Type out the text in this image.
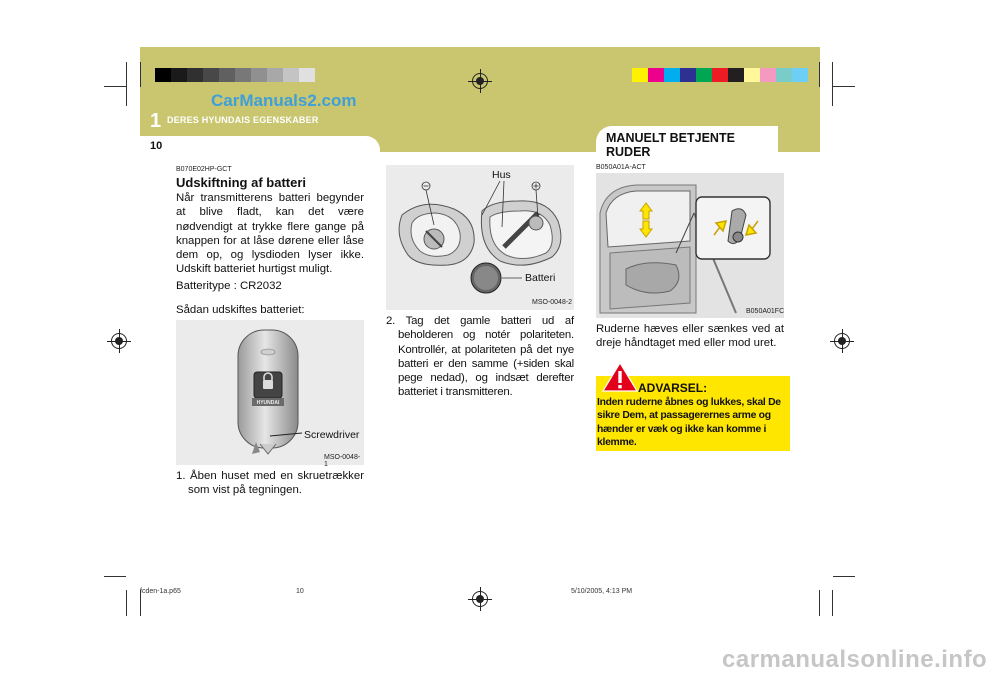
1 DERES HYUNDAIS EGENSKABER
CarManuals2.com
10
MANUELT BETJENTE RUDER
B070E02HP-GCT
Udskiftning af batteri
Når transmitterens batteri begynder at blive fladt, kan det være nødvendigt at trykke flere gange på knappen for at låse dørene eller låse dem op, og lysdioden lyser ikke. Udskift batteriet hurtigst muligt.
Batteritype : CR2032
Sådan udskiftes batteriet:
HYUNDAI
Screwdriver
MSO-0048-1
1. Åben huset med en skruetrækker som vist på tegningen.
Hus
Batteri
MSO-0048-2
2. Tag det gamle batteri ud af beholderen og notér polariteten. Kontrollér, at polariteten på det nye batteri er den samme (+siden skal pege nedad), og indsæt derefter batteriet i transmitteren.
B050A01A-ACT
B050A01FC
Ruderne hæves eller sænkes ved at dreje håndtaget med eller mod uret.
ADVARSEL:
Inden ruderne åbnes og lukkes, skal De sikre Dem, at passagerernes arme og hænder er væk og ikke kan komme i klemme.
fcden-1a.p65	10	5/10/2005, 4:13 PM
carmanualsonline.info
